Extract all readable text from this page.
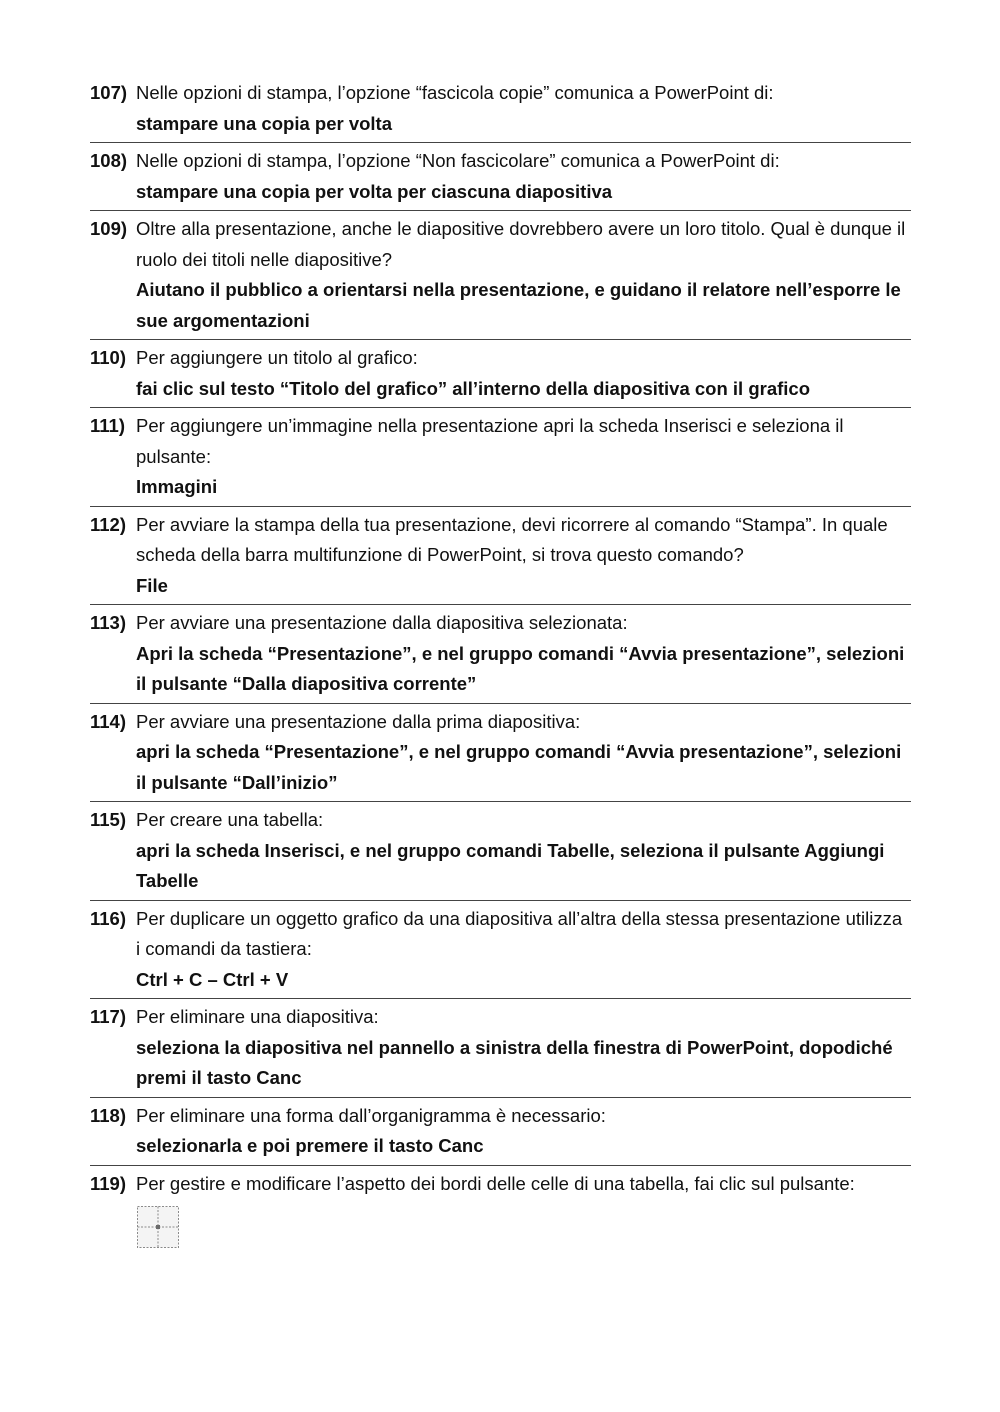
107) Nelle opzioni di stampa, l’opzione “fascicola copie” comunica a PowerPoint di:
stampare una copia per volta
108) Nelle opzioni di stampa, l’opzione “Non fascicolare” comunica a PowerPoint di:
stampare una copia per volta per ciascuna diapositiva
109) Oltre alla presentazione, anche le diapositive dovrebbero avere un loro titolo. Qual è dunque il ruolo dei titoli nelle diapositive?
Aiutano il pubblico a orientarsi nella presentazione, e guidano il relatore nell’esporre le sue argomentazioni
110) Per aggiungere un titolo al grafico:
fai clic sul testo “Titolo del grafico” all’interno della diapositiva con il grafico
111) Per aggiungere un’immagine nella presentazione apri la scheda Inserisci e seleziona il pulsante:
Immagini
112) Per avviare la stampa della tua presentazione, devi ricorrere al comando “Stampa”. In quale scheda della barra multifunzione di PowerPoint, si trova questo comando?
File
113) Per avviare una presentazione dalla diapositiva selezionata:
Apri la scheda “Presentazione”, e nel gruppo comandi “Avvia presentazione”, selezioni il pulsante “Dalla diapositiva corrente”
114) Per avviare una presentazione dalla prima diapositiva:
apri la scheda “Presentazione”, e nel gruppo comandi “Avvia presentazione”, selezioni il pulsante “Dall’inizio”
115) Per creare una tabella:
apri la scheda Inserisci, e nel gruppo comandi Tabelle, seleziona il pulsante Aggiungi Tabelle
116) Per duplicare un oggetto grafico da una diapositiva all’altra della stessa presentazione utilizza i comandi da tastiera:
Ctrl + C – Ctrl + V
117) Per eliminare una diapositiva:
seleziona la diapositiva nel pannello a sinistra della finestra di PowerPoint, dopodiché premi il tasto Canc
118) Per eliminare una forma dall’organigramma è necessario:
selezionarla e poi premere il tasto Canc
119) Per gestire e modificare l’aspetto dei bordi delle celle di una tabella, fai clic sul pulsante:
